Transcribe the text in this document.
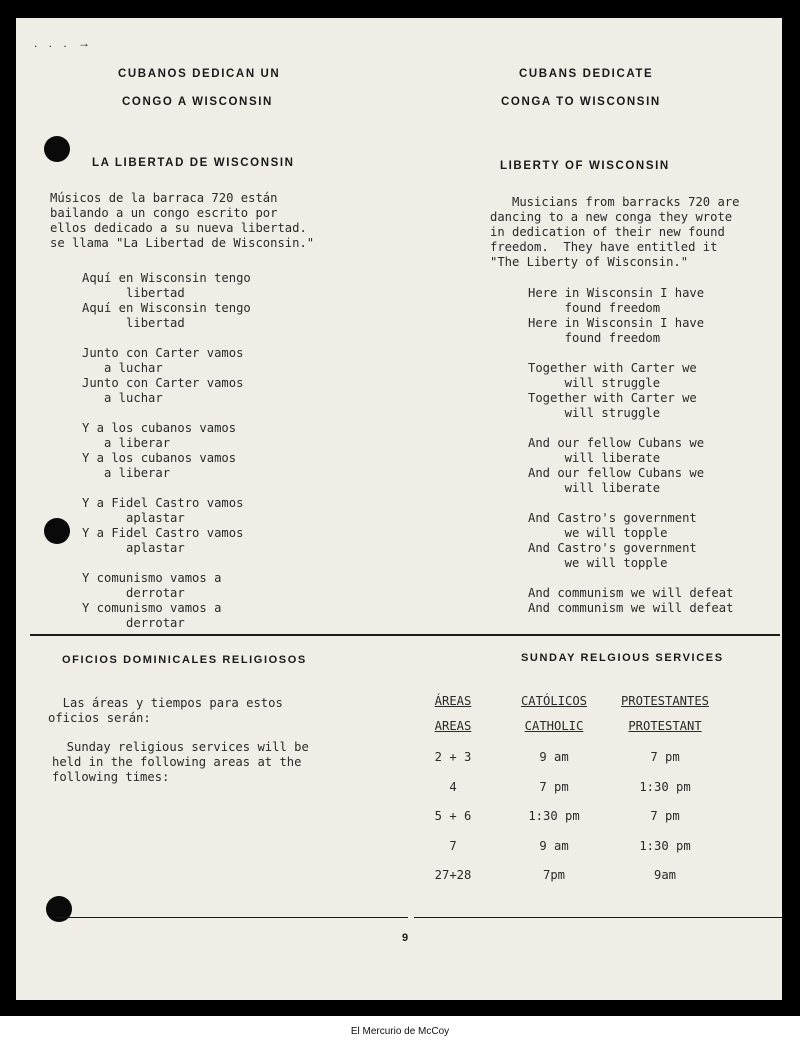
. . . →
CUBANOS DEDICAN UN
CONGO A WISCONSIN
LA LIBERTAD DE WISCONSIN
CUBANS DEDICATE
CONGA TO WISCONSIN
LIBERTY OF WISCONSIN
Músicos de la barraca 720 están
bailando a un congo escrito por
ellos dedicado a su nueva libertad.
se llama "La Libertad de Wisconsin."
Aquí en Wisconsin tengo
libertad
Aquí en Wisconsin tengo
libertad

Junto con Carter vamos
a luchar
Junto con Carter vamos
a luchar

Y a los cubanos vamos
a liberar
Y a los cubanos vamos
a liberar

Y a Fidel Castro vamos
aplastar
Y a Fidel Castro vamos
aplastar

Y comunismo vamos a
derrotar
Y comunismo vamos a
derrotar
Musicians from barracks 720 are
dancing to a new conga they wrote
in dedication of their new found
freedom.  They have entitled it
"The Liberty of Wisconsin."
Here in Wisconsin I have
found freedom
Here in Wisconsin I have
found freedom

Together with Carter we
will struggle
Together with Carter we
will struggle

And our fellow Cubans we
will liberate
And our fellow Cubans we
will liberate

And Castro's government
we will topple
And Castro's government
we will topple

And communism we will defeat
And communism we will defeat
OFICIOS DOMINICALES RELIGIOSOS	SUNDAY RELGIOUS SERVICES
Las áreas y tiempos para estos
oficios serán:
Sunday religious services will be
held in the following areas at the
following times:
ÁREAS	CATÓLICOS	PROTESTANTES
AREAS	CATHOLIC	PROTESTANT
2 + 3	9 am	7 pm
4	7 pm	1:30 pm
5 + 6	1:30 pm	7 pm
7	9 am	1:30 pm
27+28	7pm	9am
9
El Mercurio de McCoy
